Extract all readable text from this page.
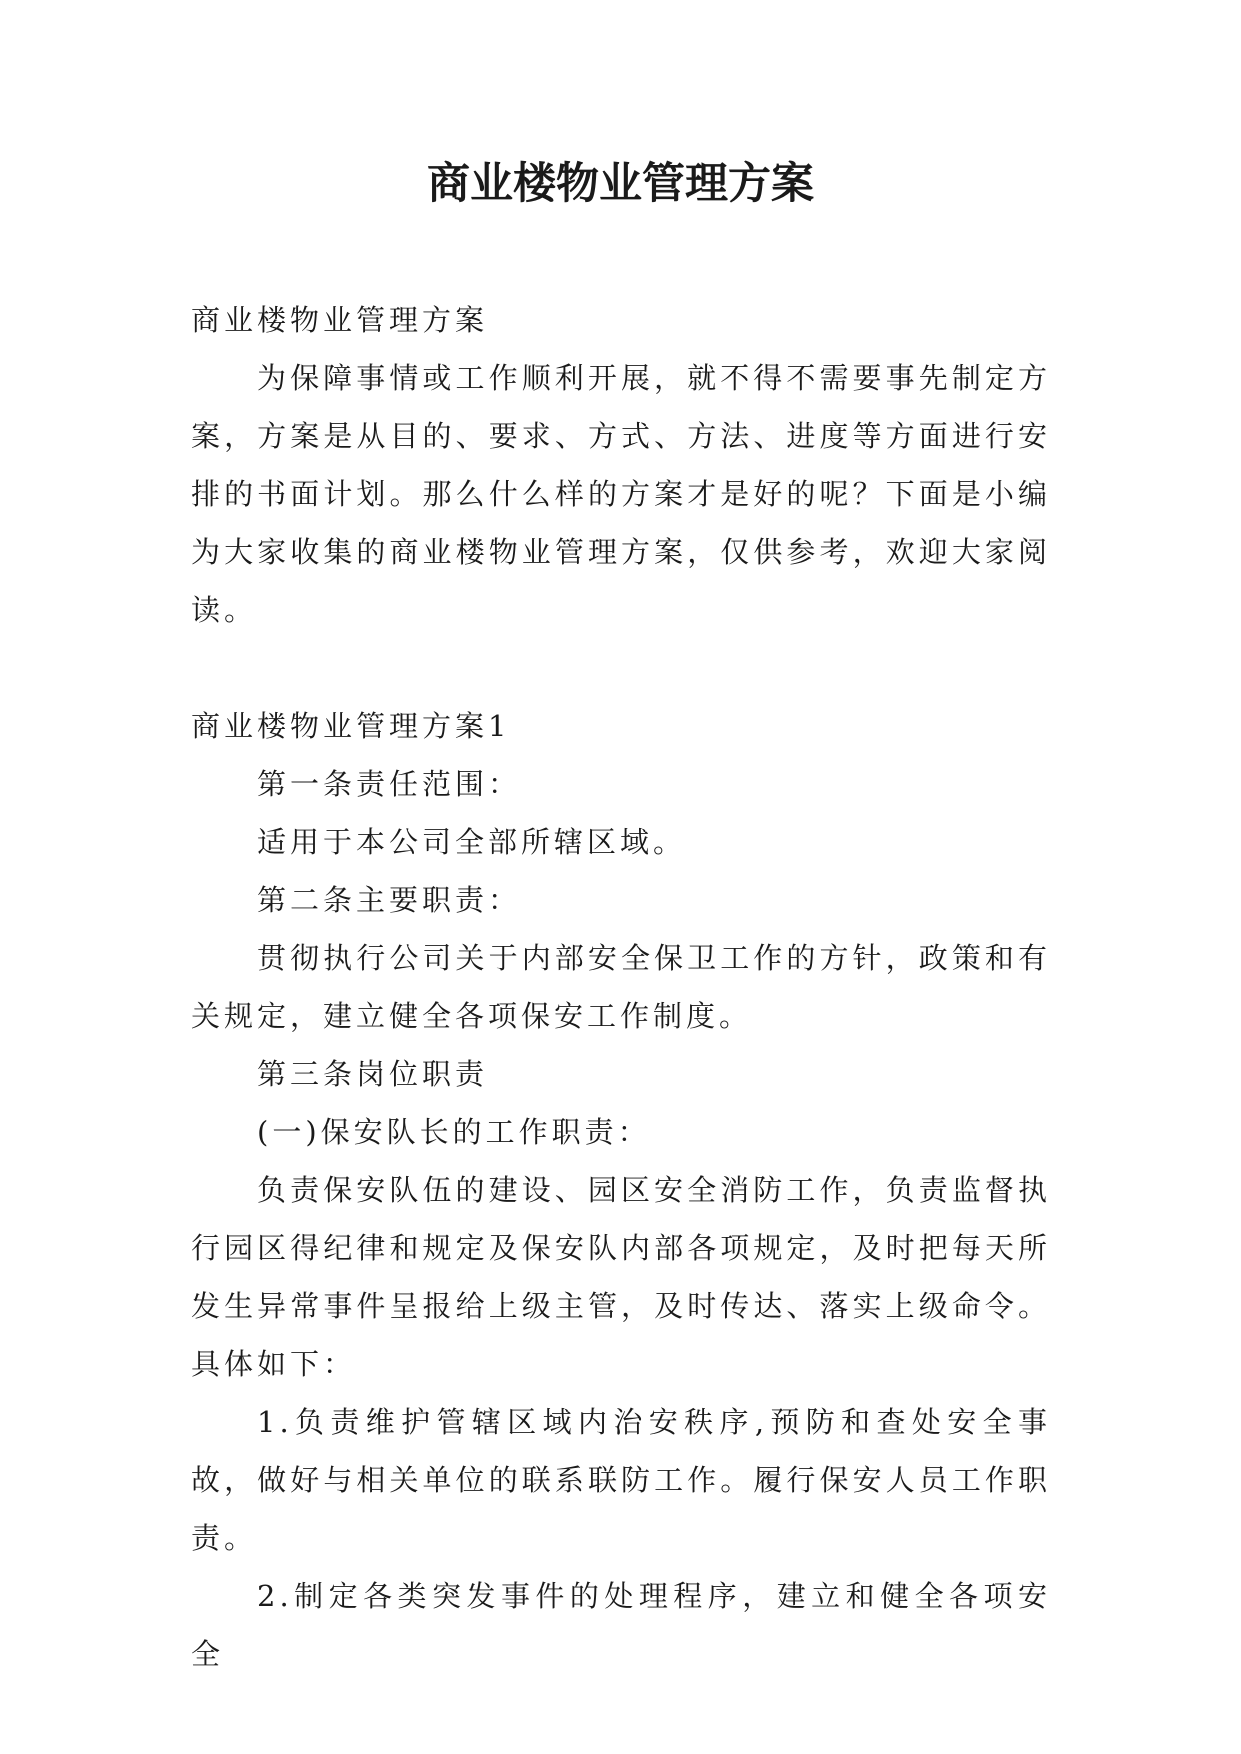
商业楼物业管理方案

商业楼物业管理方案

为保障事情或工作顺利开展，就不得不需要事先制定方案，方案是从目的、要求、方式、方法、进度等方面进行安排的书面计划。那么什么样的方案才是好的呢？下面是小编为大家收集的商业楼物业管理方案，仅供参考，欢迎大家阅读。

商业楼物业管理方案1

第一条责任范围：

适用于本公司全部所辖区域。

第二条主要职责：

贯彻执行公司关于内部安全保卫工作的方针，政策和有关规定，建立健全各项保安工作制度。

第三条岗位职责

(一)保安队长的工作职责：

负责保安队伍的建设、园区安全消防工作，负责监督执行园区得纪律和规定及保安队内部各项规定，及时把每天所发生异常事件呈报给上级主管，及时传达、落实上级命令。具体如下：

1.负责维护管辖区域内治安秩序,预防和查处安全事故，做好与相关单位的联系联防工作。履行保安人员工作职责。

2.制定各类突发事件的处理程序，建立和健全各项安全
